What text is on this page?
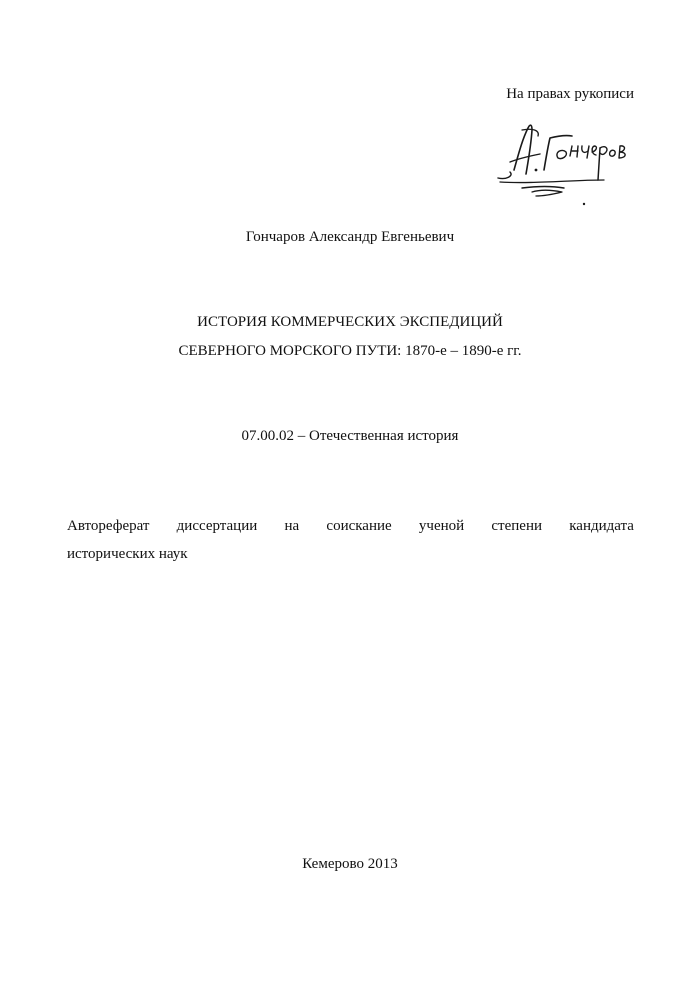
На правах рукописи
Гончаров Александр Евгеньевич
ИСТОРИЯ КОММЕРЧЕСКИХ ЭКСПЕДИЦИЙ
СЕВЕРНОГО МОРСКОГО ПУТИ: 1870-е – 1890-е гг.
07.00.02 – Отечественная история
Автореферат диссертации на соискание ученой степени кандидата
исторических наук
Кемерово 2013
